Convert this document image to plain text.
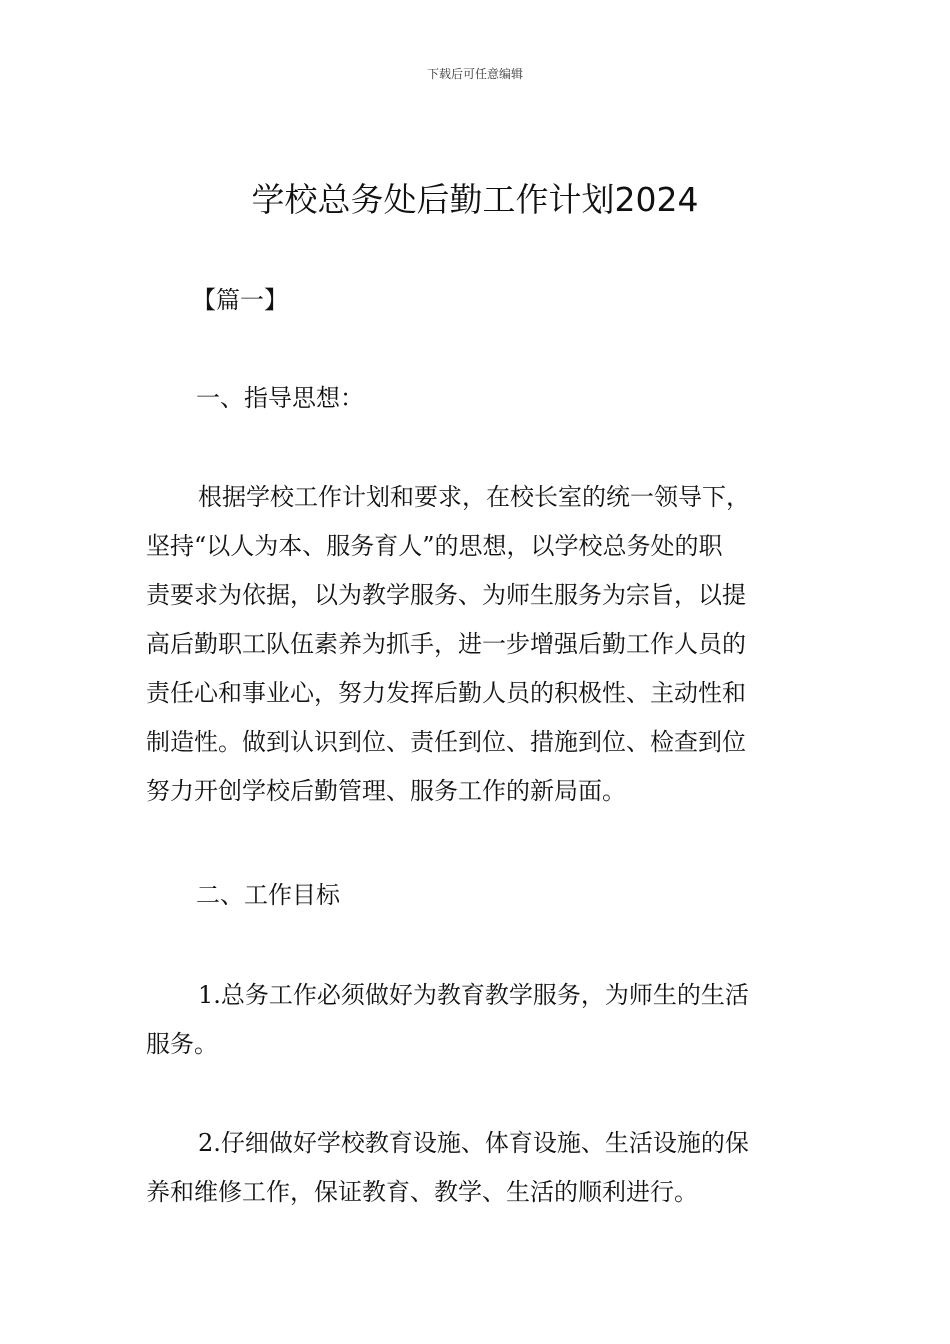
下载后可任意编辑
学校总务处后勤工作计划2024

【篇一】

一、指导思想：

根据学校工作计划和要求，在校长室的统一领导下，
坚持“以人为本、服务育人”的思想，以学校总务处的职
责要求为依据，以为教学服务、为师生服务为宗旨，以提
高后勤职工队伍素养为抓手，进一步增强后勤工作人员的
责任心和事业心，努力发挥后勤人员的积极性、主动性和
制造性。做到认识到位、责任到位、措施到位、检查到位
努力开创学校后勤管理、服务工作的新局面。

二、工作目标

1.总务工作必须做好为教育教学服务，为师生的生活
服务。
2.仔细做好学校教育设施、体育设施、生活设施的保
养和维修工作，保证教育、教学、生活的顺利进行。
